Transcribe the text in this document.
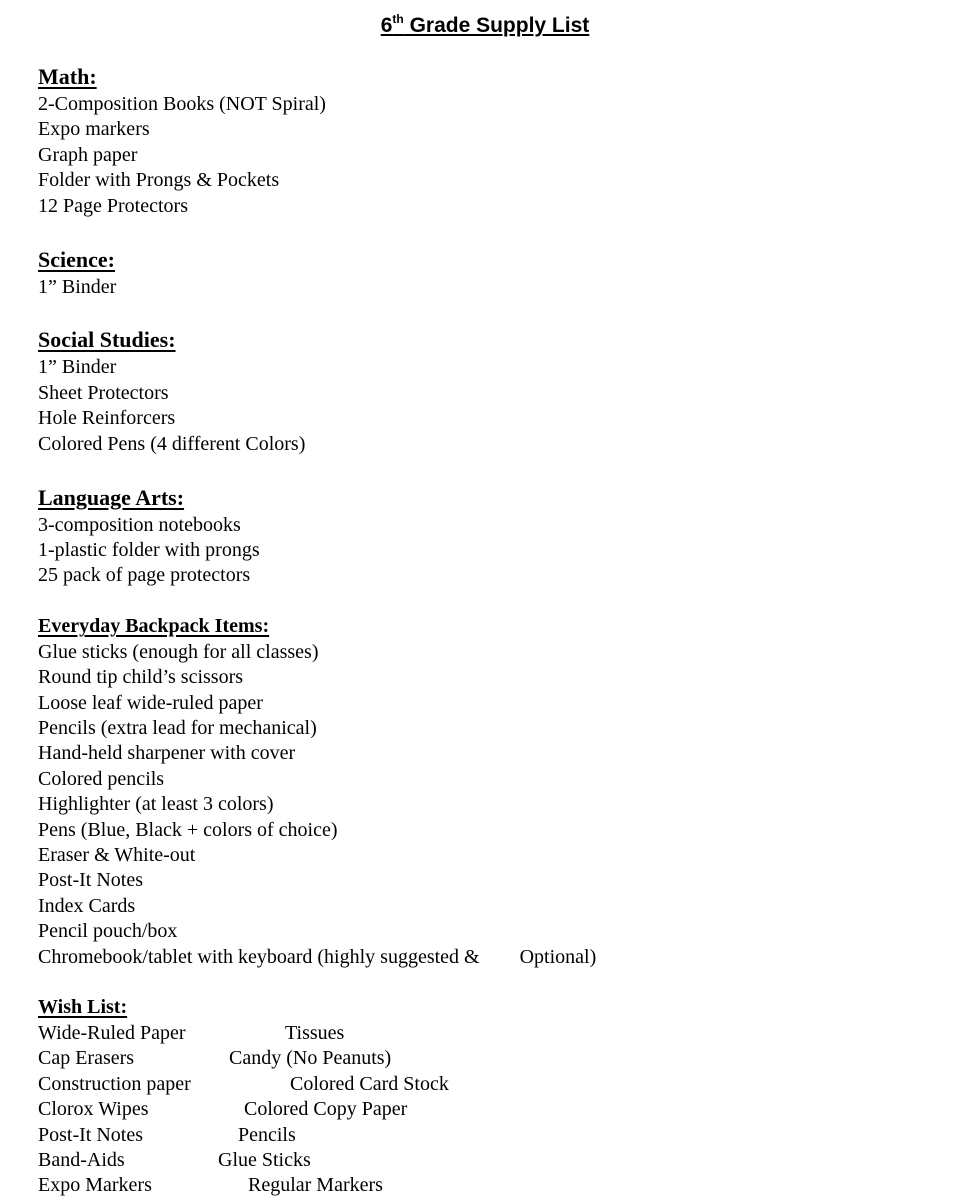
6th Grade Supply List
Math:
2-Composition Books (NOT Spiral)
Expo markers
Graph paper
Folder with Prongs & Pockets
12 Page Protectors
Science:
1” Binder
Social Studies:
1” Binder
Sheet Protectors
Hole Reinforcers
Colored Pens (4 different Colors)
Language Arts:
3-composition notebooks
1-plastic folder with prongs
25 pack of page protectors
Everyday Backpack Items:
Glue sticks (enough for all classes)
Round tip child’s scissors
Loose leaf wide-ruled paper
Pencils (extra lead for mechanical)
Hand-held sharpener with cover
Colored pencils
Highlighter (at least 3 colors)
Pens (Blue, Black + colors of choice)
Eraser & White-out
Post-It Notes
Index Cards
Pencil pouch/box
Chromebook/tablet with keyboard (highly suggested &        Optional)
Wish List:
Wide-Ruled Paper	Tissues
Cap Erasers	Candy (No Peanuts)
Construction paper	Colored Card Stock
Clorox Wipes	Colored Copy Paper
Post-It Notes	Pencils
Band-Aids	Glue Sticks
Expo Markers	Regular Markers
